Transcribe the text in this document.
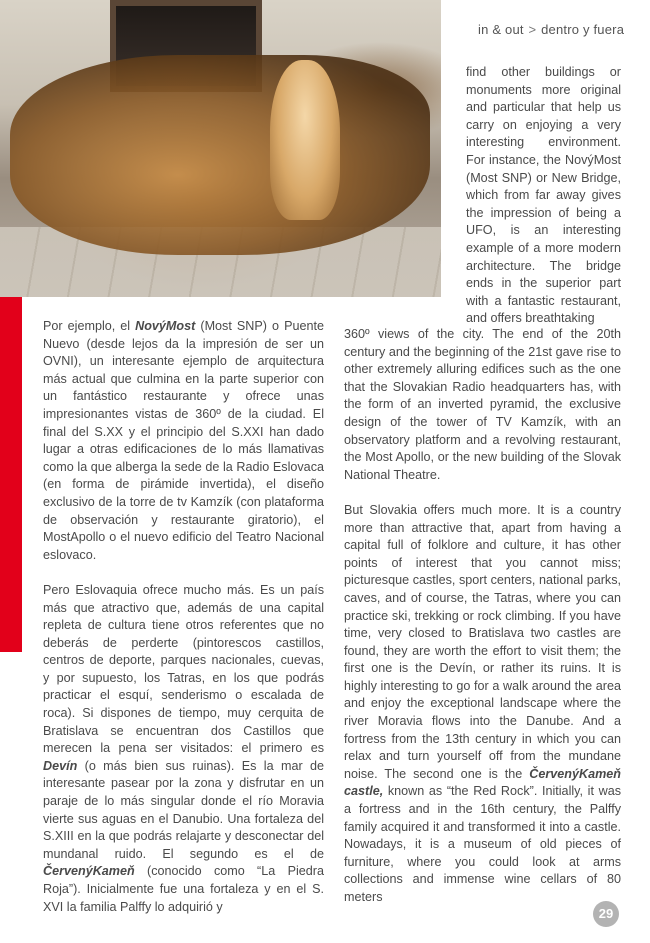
in & out > dentro y fuera

find other buildings or monuments more original and particular that help us carry on enjoying a very interesting environment. For instance, the NovýMost (Most SNP) or New Bridge, which from far away gives the impression of being a UFO, is an interesting example of a more modern architecture. The bridge ends in the superior part with a fantastic restaurant, and offers breathtaking

Por ejemplo, el NovýMost (Most SNP) o Puente Nuevo (desde lejos da la impresión de ser un OVNI), un interesante ejemplo de arquitectura más actual que culmina en la parte superior con un fantástico restaurante y ofrece unas impresionantes vistas de 360º de la ciudad. El final del S.XX y el principio del S.XXI han dado lugar a otras edificaciones de lo más llamativas como la que alberga la sede de la Radio Eslovaca (en forma de pirámide invertida), el diseño exclusivo de la torre de tv Kamzík (con plataforma de observación y restaurante giratorio), el MostApollo o el nuevo edificio del Teatro Nacional eslovaco.

Pero Eslovaquia ofrece mucho más. Es un país más que atractivo que, además de una capital repleta de cultura tiene otros referentes que no deberás de perderte (pintorescos castillos, centros de deporte, parques nacionales, cuevas, y por supuesto, los Tatras, en los que podrás practicar el esquí, senderismo o escalada de roca). Si dispones de tiempo, muy cerquita de Bratislava se encuentran dos Castillos que merecen la pena ser visitados: el primero es Devín (o más bien sus ruinas). Es la mar de interesante pasear por la zona y disfrutar en un paraje de lo más singular donde el río Moravia vierte sus aguas en el Danubio. Una fortaleza del S.XIII en la que podrás relajarte y desconectar del mundanal ruido. El segundo es el de ČervenýKameň (conocido como “La Piedra Roja”). Inicialmente fue una fortaleza y en el S. XVI la familia Palffy lo adquirió y

360º views of the city. The end of the 20th century and the beginning of the 21st gave rise to other extremely alluring edifices such as the one that the Slovakian Radio headquarters has, with the form of an inverted pyramid, the exclusive design of the tower of TV Kamzík, with an observatory platform and a revolving restaurant, the Most Apollo, or the new building of the Slovak National Theatre.

But Slovakia offers much more. It is a country more than attractive that, apart from having a capital full of folklore and culture, it has other points of interest that you cannot miss; picturesque castles, sport centers, national parks, caves, and of course, the Tatras, where you can practice ski, trekking or rock climbing. If you have time, very closed to Bratislava two castles are found, they are worth the effort to visit them; the first one is the Devín, or rather its ruins. It is highly interesting to go for a walk around the area and enjoy the exceptional landscape where the river Moravia flows into the Danube. And a fortress from the 13th century in which you can relax and turn yourself off from the mundane noise. The second one is the ČervenýKameň castle, known as “the Red Rock”. Initially, it was a fortress and in the 16th century, the Palffy family acquired it and transformed it into a castle. Nowadays, it is a museum of old pieces of furniture, where you could look at arms collections and immense wine cellars of 80 meters

29
